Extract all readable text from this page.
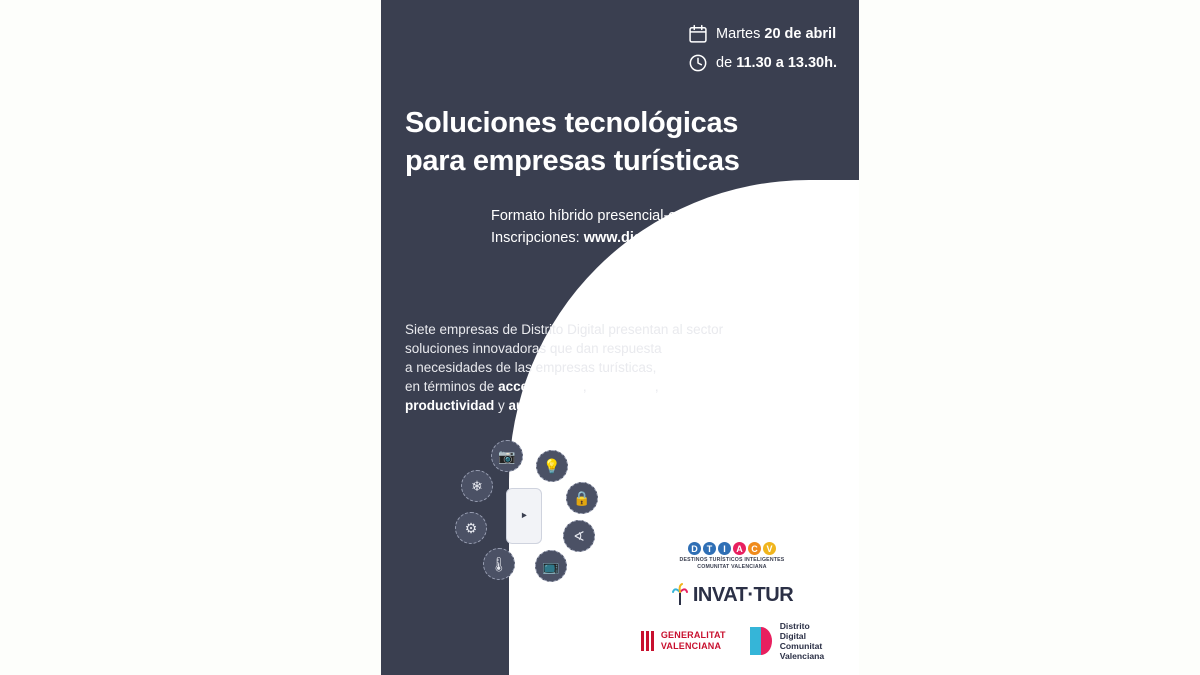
Martes 20 de abril
de 11.30 a 13.30h.
Soluciones tecnológicas
para empresas turísticas
Formato híbrido presencial-online
Inscripciones: www.distritodigitalcv.es/agenda
Siete empresas de Distrito Digital presentan al sector
soluciones innovadoras que dan respuesta
a necesidades de las empresas turísticas,
en términos de accesibilidad, seguridad,
productividad y automatización
📷
💡
❄
🔒
⚙	∢
🌡	📺
‣
D	T	I	A C V
DESTINOS TURÍSTICOS INTELIGENTES
COMUNITAT VALENCIANA
INVAT·TUR
GENERALITAT
VALENCIANA
Distrito
Digital
Comunitat
Valenciana
